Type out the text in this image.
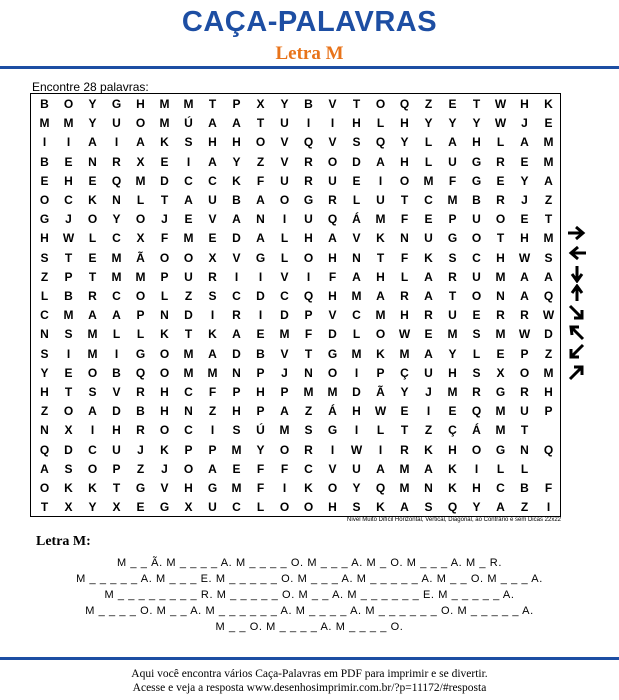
CAÇA-PALAVRAS
Letra M
Encontre 28 palavras:
B	O	Y	G	H	M	M	T	P	X	Y	B	V	T	O	Q	Z	E	T	W	H	K
M	M	Y	U	O	M	Ú	A	A	T	U	I	I	H	L	H	Y	Y	Y	W	J	E
I	I	A	I	A	K	S	H	H	O	V	Q	V	S	Q	Y	L	A	H	L	A	M
B	E	N	R	X	E	I	A	Y	Z	V	R	O	D	A	H	L	U	G	R	E	M
E	H	E	Q	M	D	C	C	K	F	U	R	U	E	I	O	M	F	G	E	Y	A
O	C	K	N	L	T	A	U	B	A	O	G	R	L	U	T	C	M	B	R	J	Z
G	J	O	Y	O	J	E	V	A	N	I	U	Q	Á	M	F	E	P	U	O	E	T
H	W	L	C	X	F	M	E	D	A	L	H	A	V	K	N	U	G	O	T	H	M
S	T	E	M	Ã	O	O	X	V	G	L	O	H	N	T	F	K	S	C	H	W	S
Z	P	T	M	M	P	U	R	I	I	V	I	F	A	H	L	A	R	U	M	A	A
L	B	R	C	O	L	Z	S	C	D	C	Q	H	M	A	R	A	T	O	N	A	Q
C	M	A	A	P	N	D	I	R	I	D	P	V	C	M	H	R	U	E	R	R	W
N	S	M	L	L	K	T	K	A	E	M	F	D	L	O	W	E	M	S	M	W	D
S	I	M	I	G	O	M	A	D	B	V	T	G	M	K	M	A	Y	L	E	P	Z
Y	E	O	B	Q	O	M	M	N	P	J	N	O	I	P	Ç	U	H	S	X	O	M
H	T	S	V	R	H	C	F	P	H	P	M	M	D	Ã	Y	J	M	R	G	R	H
Z	O	A	D	B	H	N	Z	H	P	A	Z	Á	H	W	E	I	E	Q	M	U	P
N	X	I	H	R	O	C	I	S	Ú	M	S	G	I	L	T	Z	Ç	Á	M	T
Q	D	C	U	J	K	P	P	M	Y	O	R	I	W	I	R	K	H	O	G	N	Q
A	S	O	P	Z	J	O	A	E	F	F	C	V	U	A	M	A	K	I	L	L
O	K	K	T	G	V	H	G	M	F	I	K	O	Y	Q	M	N	K	H	C	B	F
T	X	Y	X	E	G	X	U	C	L	O	O	H	S	K	A	S	Q	Y	A	Z	I
Nível Muito Difícil Horizontal, Vertical, Diagonal, ao Contrário e sem Dicas 22x22
Letra M:
M _ _ Ã. M _ _ _ _ A. M _ _ _ _ O. M _ _ _ A. M _ O. M _ _ _ A. M _ R.
M _ _ _ _ _ A. M _ _ _ E. M _ _ _ _ _ O. M _ _ _ A. M _ _ _ _ _ A. M _ _ O. M _ _ _ A.
M _ _ _ _ _ _ _ _ R. M _ _ _ _ _ O. M _ _ A. M _ _ _ _ _ _ E. M _ _ _ _ _ A.
M _ _ _ _ O. M _ _ A. M _ _ _ _ _ _ A. M _ _ _ _ A. M _ _ _ _ _ _ O. M _ _ _ _ _ A.
M _ _ O. M _ _ _ _ A. M _ _ _ _ O.
Aqui você encontra vários Caça-Palavras em PDF para imprimir e se divertir.
Acesse e veja a resposta www.desenhosimprimir.com.br/?p=11172/#resposta
